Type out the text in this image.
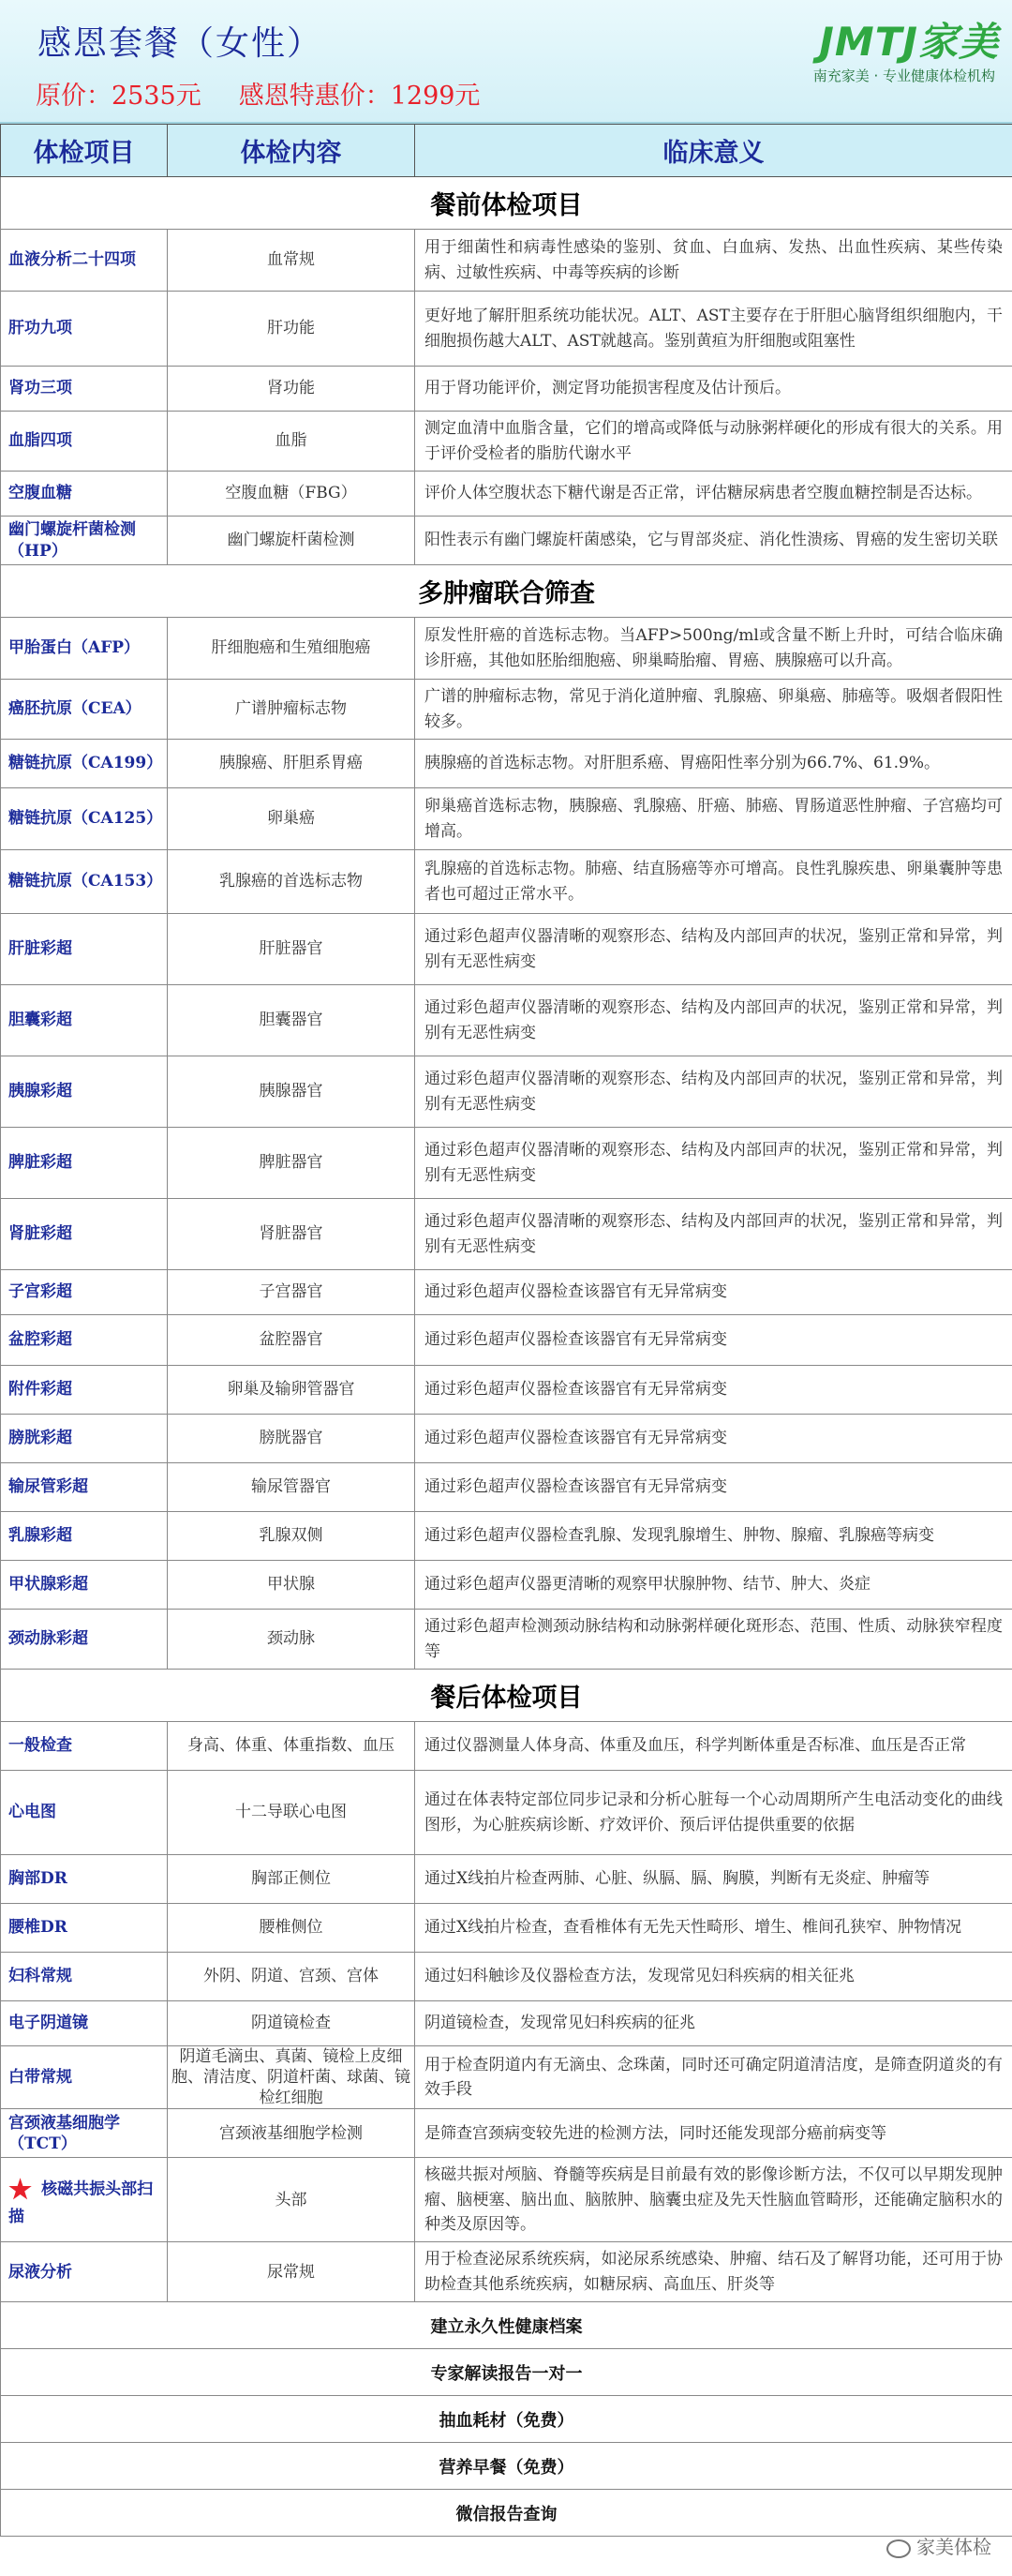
感恩套餐（女性）
原价：2535元 感恩特惠价：1299元
JMTJ家美
南充家美 · 专业健康体检机构
体检项目	体检内容	临床意义
餐前体检项目		
血液分析二十四项	血常规	用于细菌性和病毒性感染的鉴别、贫血、白血病、发热、出血性疾病、某些传染病、过敏性疾病、中毒等疾病的诊断
肝功九项	肝功能	更好地了解肝胆系统功能状况。ALT、AST主要存在于肝胆心脑肾组织细胞内，干细胞损伤越大ALT、AST就越高。鉴别黄疸为肝细胞或阻塞性
肾功三项	肾功能	用于肾功能评价，测定肾功能损害程度及估计预后。
血脂四项	血脂	测定血清中血脂含量，它们的增高或降低与动脉粥样硬化的形成有很大的关系。用于评价受检者的脂肪代谢水平
空腹血糖	空腹血糖（FBG）	评价人体空腹状态下糖代谢是否正常，评估糖尿病患者空腹血糖控制是否达标。
幽门螺旋杆菌检测（HP）	幽门螺旋杆菌检测	阳性表示有幽门螺旋杆菌感染，它与胃部炎症、消化性溃疡、胃癌的发生密切关联
多肿瘤联合筛查		
甲胎蛋白（AFP）	肝细胞癌和生殖细胞癌	原发性肝癌的首选标志物。当AFP>500ng/ml或含量不断上升时，可结合临床确诊肝癌，其他如胚胎细胞癌、卵巢畸胎瘤、胃癌、胰腺癌可以升高。
癌胚抗原（CEA）	广谱肿瘤标志物	广谱的肿瘤标志物，常见于消化道肿瘤、乳腺癌、卵巢癌、肺癌等。吸烟者假阳性较多。
糖链抗原（CA199）	胰腺癌、肝胆系胃癌	胰腺癌的首选标志物。对肝胆系癌、胃癌阳性率分别为66.7%、61.9%。
糖链抗原（CA125）	卵巢癌	卵巢癌首选标志物，胰腺癌、乳腺癌、肝癌、肺癌、胃肠道恶性肿瘤、子宫癌均可增高。
糖链抗原（CA153）	乳腺癌的首选标志物	乳腺癌的首选标志物。肺癌、结直肠癌等亦可增高。良性乳腺疾患、卵巢囊肿等患者也可超过正常水平。
肝脏彩超	肝脏器官	通过彩色超声仪器清晰的观察形态、结构及内部回声的状况，鉴别正常和异常，判别有无恶性病变
胆囊彩超	胆囊器官	通过彩色超声仪器清晰的观察形态、结构及内部回声的状况，鉴别正常和异常，判别有无恶性病变
胰腺彩超	胰腺器官	通过彩色超声仪器清晰的观察形态、结构及内部回声的状况，鉴别正常和异常，判别有无恶性病变
脾脏彩超	脾脏器官	通过彩色超声仪器清晰的观察形态、结构及内部回声的状况，鉴别正常和异常，判别有无恶性病变
肾脏彩超	肾脏器官	通过彩色超声仪器清晰的观察形态、结构及内部回声的状况，鉴别正常和异常，判别有无恶性病变
子宫彩超	子宫器官	通过彩色超声仪器检查该器官有无异常病变
盆腔彩超	盆腔器官	通过彩色超声仪器检查该器官有无异常病变
附件彩超	卵巢及输卵管器官	通过彩色超声仪器检查该器官有无异常病变
膀胱彩超	膀胱器官	通过彩色超声仪器检查该器官有无异常病变
输尿管彩超	输尿管器官	通过彩色超声仪器检查该器官有无异常病变
乳腺彩超	乳腺双侧	通过彩色超声仪器检查乳腺、发现乳腺增生、肿物、腺瘤、乳腺癌等病变
甲状腺彩超	甲状腺	通过彩色超声仪器更清晰的观察甲状腺肿物、结节、肿大、炎症
颈动脉彩超	颈动脉	通过彩色超声检测颈动脉结构和动脉粥样硬化斑形态、范围、性质、动脉狭窄程度等
餐后体检项目		
一般检查	身高、体重、体重指数、血压	通过仪器测量人体身高、体重及血压，科学判断体重是否标准、血压是否正常
心电图	十二导联心电图	通过在体表特定部位同步记录和分析心脏每一个心动周期所产生电活动变化的曲线图形，为心脏疾病诊断、疗效评价、预后评估提供重要的依据
胸部DR	胸部正侧位	通过X线拍片检查两肺、心脏、纵膈、膈、胸膜，判断有无炎症、肿瘤等
腰椎DR	腰椎侧位	通过X线拍片检查，查看椎体有无先天性畸形、增生、椎间孔狭窄、肿物情况
妇科常规	外阴、阴道、宫颈、宫体	通过妇科触诊及仪器检查方法，发现常见妇科疾病的相关征兆
电子阴道镜	阴道镜检查	阴道镜检查，发现常见妇科疾病的征兆
白带常规	阴道毛滴虫、真菌、镜检上皮细胞、清洁度、阴道杆菌、球菌、镜检红细胞	用于检查阴道内有无滴虫、念珠菌，同时还可确定阴道清洁度，是筛查阴道炎的有效手段
宫颈液基细胞学（TCT）	宫颈液基细胞学检测	是筛查宫颈病变较先进的检测方法，同时还能发现部分癌前病变等
★ 核磁共振头部扫描	头部	核磁共振对颅脑、脊髓等疾病是目前最有效的影像诊断方法，不仅可以早期发现肿瘤、脑梗塞、脑出血、脑脓肿、脑囊虫症及先天性脑血管畸形，还能确定脑积水的种类及原因等。
尿液分析	尿常规	用于检查泌尿系统疾病，如泌尿系统感染、肿瘤、结石及了解肾功能，还可用于协助检查其他系统疾病，如糖尿病、高血压、肝炎等
建立永久性健康档案		
专家解读报告一对一		
抽血耗材（免费）		
营养早餐（免费）		
微信报告查询		
家美体检
